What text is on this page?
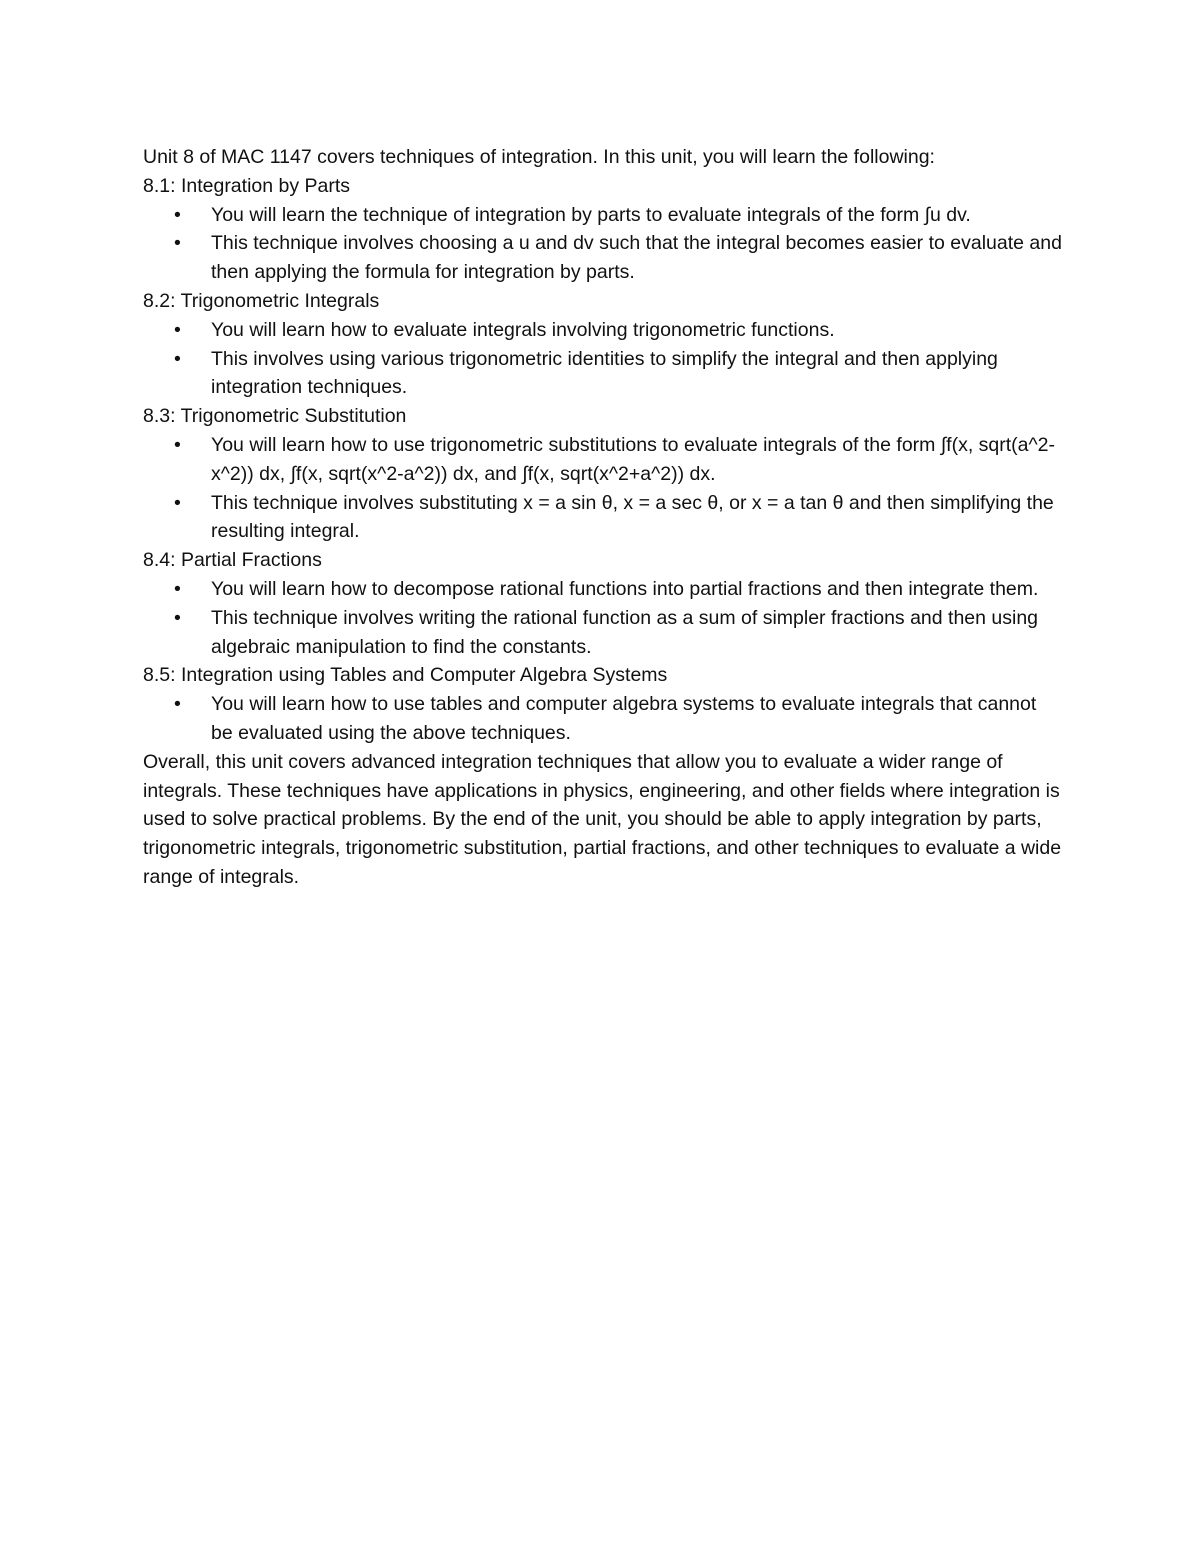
Unit 8 of MAC 1147 covers techniques of integration. In this unit, you will learn the following:

8.1: Integration by Parts

• You will learn the technique of integration by parts to evaluate integrals of the form ∫u dv.
• This technique involves choosing a u and dv such that the integral becomes easier to evaluate and then applying the formula for integration by parts.

8.2: Trigonometric Integrals

• You will learn how to evaluate integrals involving trigonometric functions.
• This involves using various trigonometric identities to simplify the integral and then applying integration techniques.

8.3: Trigonometric Substitution

• You will learn how to use trigonometric substitutions to evaluate integrals of the form ∫f(x, sqrt(a^2-x^2)) dx, ∫f(x, sqrt(x^2-a^2)) dx, and ∫f(x, sqrt(x^2+a^2)) dx.
• This technique involves substituting x = a sin θ, x = a sec θ, or x = a tan θ and then simplifying the resulting integral.

8.4: Partial Fractions

• You will learn how to decompose rational functions into partial fractions and then integrate them.
• This technique involves writing the rational function as a sum of simpler fractions and then using algebraic manipulation to find the constants.

8.5: Integration using Tables and Computer Algebra Systems

• You will learn how to use tables and computer algebra systems to evaluate integrals that cannot be evaluated using the above techniques.

Overall, this unit covers advanced integration techniques that allow you to evaluate a wider range of integrals. These techniques have applications in physics, engineering, and other fields where integration is used to solve practical problems. By the end of the unit, you should be able to apply integration by parts, trigonometric integrals, trigonometric substitution, partial fractions, and other techniques to evaluate a wide range of integrals.
